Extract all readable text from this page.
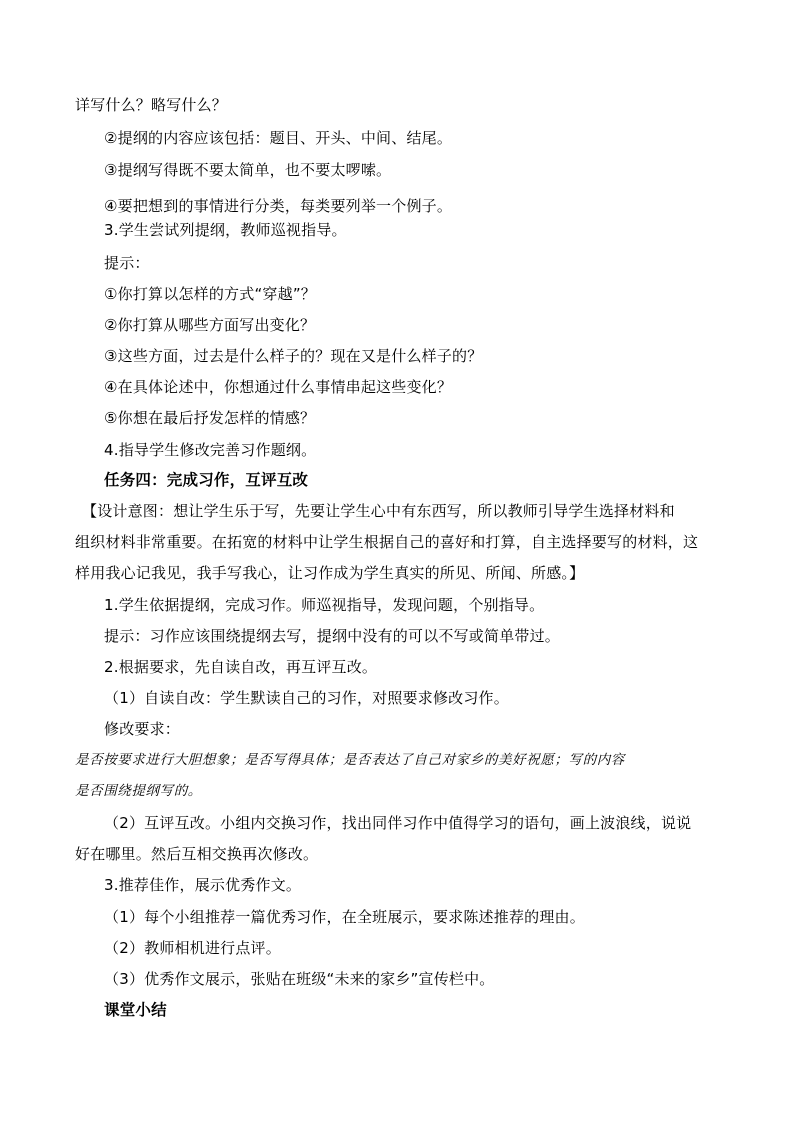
详写什么？略写什么？
②提纲的内容应该包括：题目、开头、中间、结尾。
③提纲写得既不要太简单，也不要太啰嗦。
④要把想到的事情进行分类，每类要列举一个例子。
3.学生尝试列提纲，教师巡视指导。
提示：
①你打算以怎样的方式“穿越”？
②你打算从哪些方面写出变化？
③这些方面，过去是什么样子的？现在又是什么样子的？
④在具体论述中，你想通过什么事情串起这些变化？
⑤你想在最后抒发怎样的情感？
4.指导学生修改完善习作题纲。
任务四：完成习作，互评互改
【设计意图：想让学生乐于写，先要让学生心中有东西写，所以教师引导学生选择材料和
组织材料非常重要。在拓宽的材料中让学生根据自己的喜好和打算，自主选择要写的材料，这
样用我心记我见，我手写我心，让习作成为学生真实的所见、所闻、所感。】
1.学生依据提纲，完成习作。师巡视指导，发现问题，个别指导。
提示：习作应该围绕提纲去写，提纲中没有的可以不写或简单带过。
2.根据要求，先自读自改，再互评互改。
（1）自读自改：学生默读自己的习作，对照要求修改习作。
修改要求：
是否按要求进行大胆想象；是否写得具体；是否表达了自己对家乡的美好祝愿；写的内容
是否围绕提纲写的。
（2）互评互改。小组内交换习作，找出同伴习作中值得学习的语句，画上波浪线，说说
好在哪里。然后互相交换再次修改。
3.推荐佳作，展示优秀作文。
（1）每个小组推荐一篇优秀习作，在全班展示，要求陈述推荐的理由。
（2）教师相机进行点评。
（3）优秀作文展示，张贴在班级“未来的家乡”宣传栏中。
课堂小结
